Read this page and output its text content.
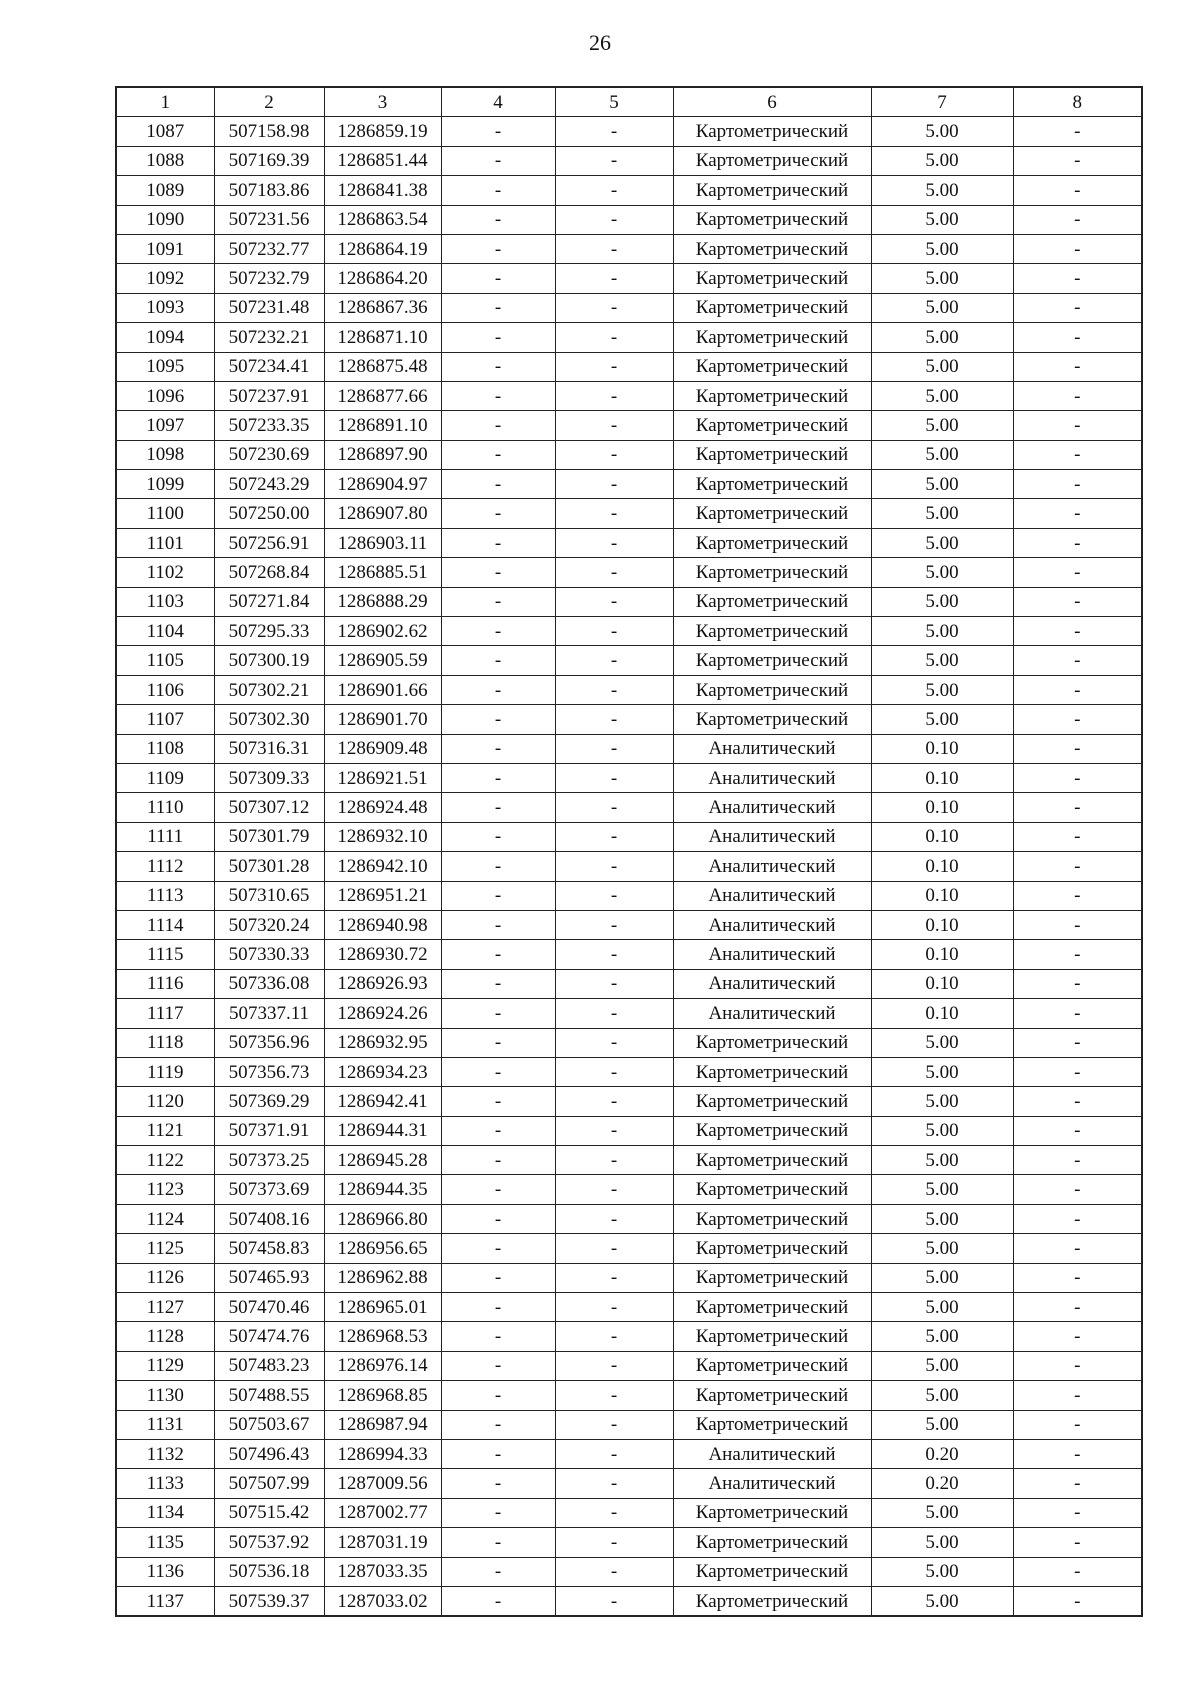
26
1	2	3	4	5	6	7	8
1087	507158.98	1286859.19	-	-	Картометрический	5.00	-
1088	507169.39	1286851.44	-	-	Картометрический	5.00	-
1089	507183.86	1286841.38	-	-	Картометрический	5.00	-
1090	507231.56	1286863.54	-	-	Картометрический	5.00	-
1091	507232.77	1286864.19	-	-	Картометрический	5.00	-
1092	507232.79	1286864.20	-	-	Картометрический	5.00	-
1093	507231.48	1286867.36	-	-	Картометрический	5.00	-
1094	507232.21	1286871.10	-	-	Картометрический	5.00	-
1095	507234.41	1286875.48	-	-	Картометрический	5.00	-
1096	507237.91	1286877.66	-	-	Картометрический	5.00	-
1097	507233.35	1286891.10	-	-	Картометрический	5.00	-
1098	507230.69	1286897.90	-	-	Картометрический	5.00	-
1099	507243.29	1286904.97	-	-	Картометрический	5.00	-
1100	507250.00	1286907.80	-	-	Картометрический	5.00	-
1101	507256.91	1286903.11	-	-	Картометрический	5.00	-
1102	507268.84	1286885.51	-	-	Картометрический	5.00	-
1103	507271.84	1286888.29	-	-	Картометрический	5.00	-
1104	507295.33	1286902.62	-	-	Картометрический	5.00	-
1105	507300.19	1286905.59	-	-	Картометрический	5.00	-
1106	507302.21	1286901.66	-	-	Картометрический	5.00	-
1107	507302.30	1286901.70	-	-	Картометрический	5.00	-
1108	507316.31	1286909.48	-	-	Аналитический	0.10	-
1109	507309.33	1286921.51	-	-	Аналитический	0.10	-
1110	507307.12	1286924.48	-	-	Аналитический	0.10	-
1111	507301.79	1286932.10	-	-	Аналитический	0.10	-
1112	507301.28	1286942.10	-	-	Аналитический	0.10	-
1113	507310.65	1286951.21	-	-	Аналитический	0.10	-
1114	507320.24	1286940.98	-	-	Аналитический	0.10	-
1115	507330.33	1286930.72	-	-	Аналитический	0.10	-
1116	507336.08	1286926.93	-	-	Аналитический	0.10	-
1117	507337.11	1286924.26	-	-	Аналитический	0.10	-
1118	507356.96	1286932.95	-	-	Картометрический	5.00	-
1119	507356.73	1286934.23	-	-	Картометрический	5.00	-
1120	507369.29	1286942.41	-	-	Картометрический	5.00	-
1121	507371.91	1286944.31	-	-	Картометрический	5.00	-
1122	507373.25	1286945.28	-	-	Картометрический	5.00	-
1123	507373.69	1286944.35	-	-	Картометрический	5.00	-
1124	507408.16	1286966.80	-	-	Картометрический	5.00	-
1125	507458.83	1286956.65	-	-	Картометрический	5.00	-
1126	507465.93	1286962.88	-	-	Картометрический	5.00	-
1127	507470.46	1286965.01	-	-	Картометрический	5.00	-
1128	507474.76	1286968.53	-	-	Картометрический	5.00	-
1129	507483.23	1286976.14	-	-	Картометрический	5.00	-
1130	507488.55	1286968.85	-	-	Картометрический	5.00	-
1131	507503.67	1286987.94	-	-	Картометрический	5.00	-
1132	507496.43	1286994.33	-	-	Аналитический	0.20	-
1133	507507.99	1287009.56	-	-	Аналитический	0.20	-
1134	507515.42	1287002.77	-	-	Картометрический	5.00	-
1135	507537.92	1287031.19	-	-	Картометрический	5.00	-
1136	507536.18	1287033.35	-	-	Картометрический	5.00	-
1137	507539.37	1287033.02	-	-	Картометрический	5.00	-
